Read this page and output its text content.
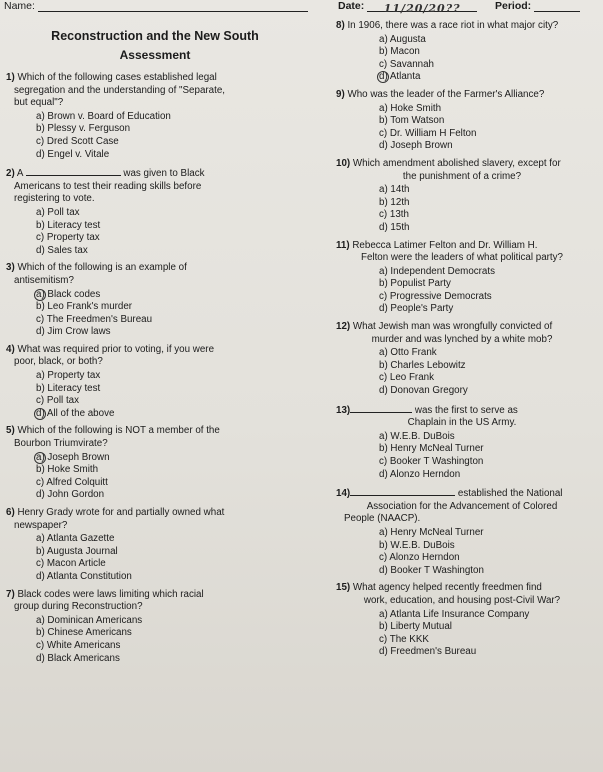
Name:	Date: 11/20/20??	Period:
Reconstruction and the New South
Assessment
1) Which of the following cases established legal
segregation and the understanding of "Separate,
but equal"?
a) Brown v. Board of Education
b) Plessy v. Ferguson
c) Dred Scott Case
d) Engel v. Vitale
2) A	was given to Black
Americans to test their reading skills before
registering to vote.
a) Poll tax
b) Literacy test
c) Property tax
d) Sales tax
3) Which of the following is an example of
antisemitism?
a) Black codes
b) Leo Frank's murder
c) The Freedmen's Bureau
d) Jim Crow laws
4) What was required prior to voting, if you were
poor, black, or both?
a) Property tax
b) Literacy test
c) Poll tax
d) All of the above
5) Which of the following is NOT a member of the
Bourbon Triumvirate?
a) Joseph Brown
b) Hoke Smith
c) Alfred Colquitt
d) John Gordon
6) Henry Grady wrote for and partially owned what
newspaper?
a) Atlanta Gazette
b) Augusta Journal
c) Macon Article
d) Atlanta Constitution
7) Black codes were laws limiting which racial
group during Reconstruction?
a) Dominican Americans
b) Chinese Americans
c) White Americans
d) Black Americans
8) In 1906, there was a race riot in what major city?
a) Augusta
b) Macon
c) Savannah
d) Atlanta
9) Who was the leader of the Farmer's Alliance?
a) Hoke Smith
b) Tom Watson
c) Dr. William H Felton
d) Joseph Brown
10) Which amendment abolished slavery, except for
the punishment of a crime?
a) 14th
b) 12th
c) 13th
d) 15th
11) Rebecca Latimer Felton and Dr. William H.
Felton were the leaders of what political party?
a) Independent Democrats
b) Populist Party
c) Progressive Democrats
d) People's Party
12) What Jewish man was wrongfully convicted of
murder and was lynched by a white mob?
a) Otto Frank
b) Charles Lebowitz
c) Leo Frank
d) Donovan Gregory
13)	was the first to serve as
Chaplain in the US Army.
a) W.E.B. DuBois
b) Henry McNeal Turner
c) Booker T Washington
d) Alonzo Herndon
14)	established the National
Association for the Advancement of Colored
People (NAACP).
a) Henry McNeal Turner
b) W.E.B. DuBois
c) Alonzo Herndon
d) Booker T Washington
15) What agency helped recently freedmen find
work, education, and housing post-Civil War?
a) Atlanta Life Insurance Company
b) Liberty Mutual
c) The KKK
d) Freedmen's Bureau
